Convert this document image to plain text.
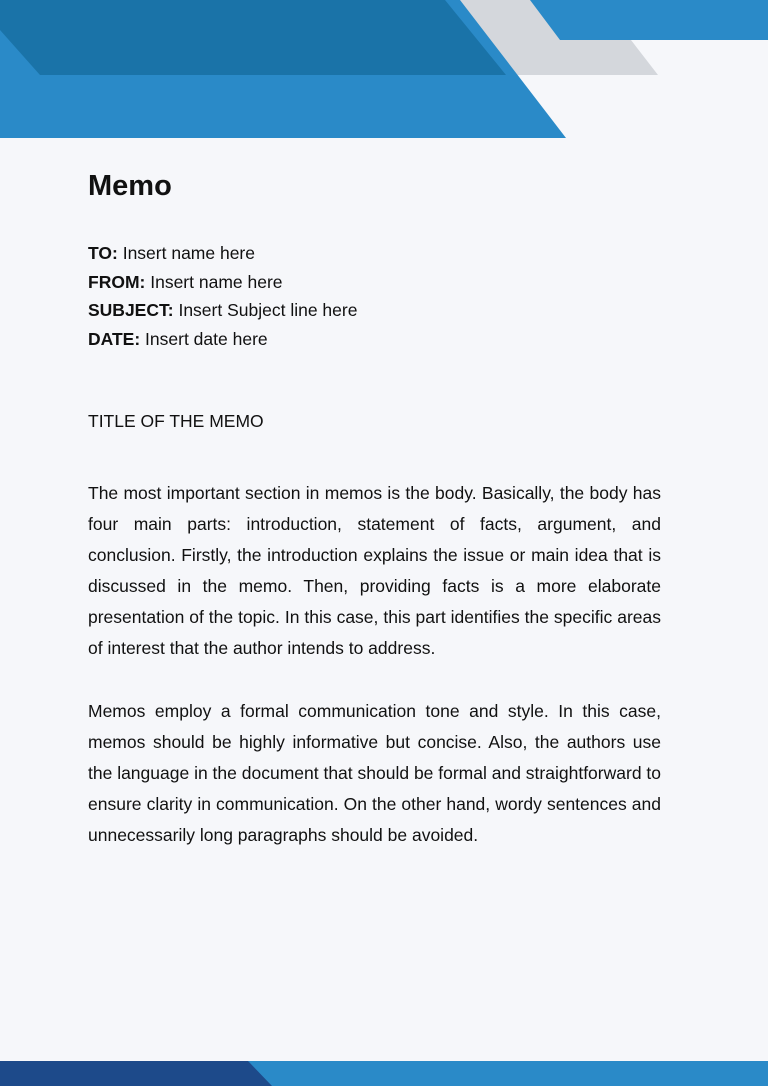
Memo
TO: Insert name here
FROM: Insert name here
SUBJECT: Insert Subject line here
DATE: Insert date here
TITLE OF THE MEMO

The most important section in memos is the body. Basically, the body has four main parts: introduction, statement of facts, argument, and conclusion. Firstly, the introduction explains the issue or main idea that is discussed in the memo. Then, providing facts is a more elaborate presentation of the topic. In this case, this part identifies the specific areas of interest that the author intends to address.

Memos employ a formal communication tone and style. In this case, memos should be highly informative but concise. Also, the authors use the language in the document that should be formal and straightforward to ensure clarity in communication. On the other hand, wordy sentences and unnecessarily long paragraphs should be avoided.
